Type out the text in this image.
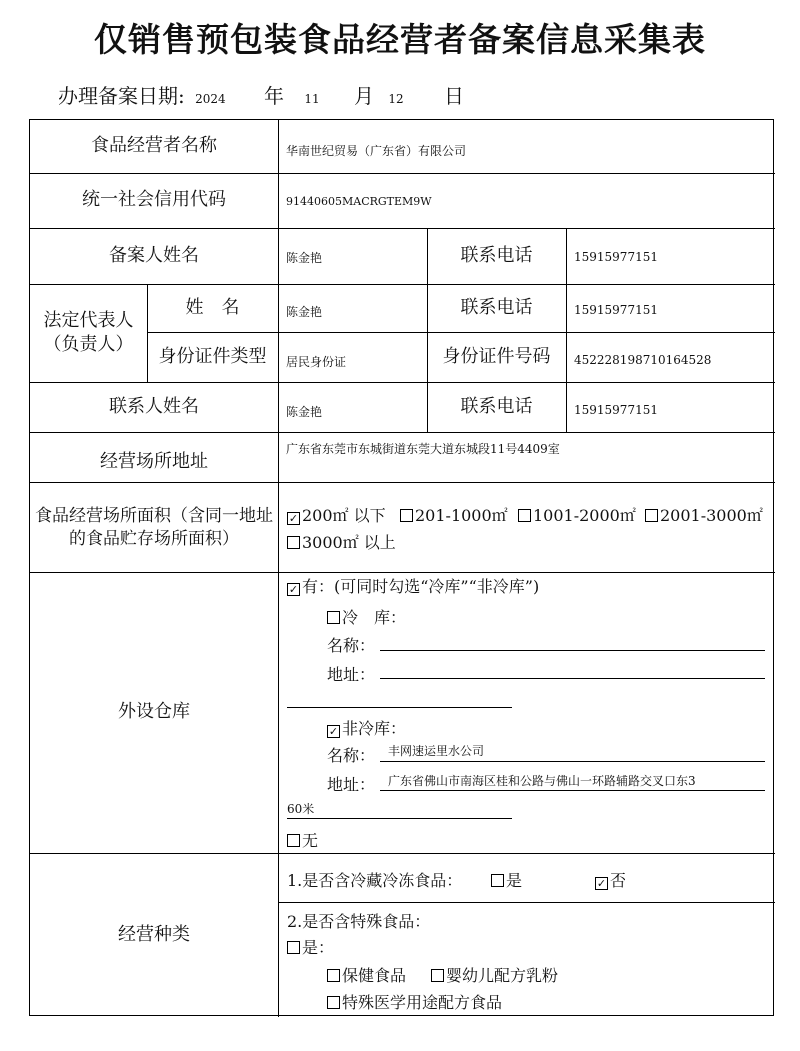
仅销售预包装食品经营者备案信息采集表
办理备案日期: 2024 年 11 月 12 日
食品经营者名称	华南世纪贸易（广东省）有限公司
统一社会信用代码	91440605MACRGTEM9W
备案人姓名	陈金艳	联系电话	15915977151
法定代表人（负责人）
姓　名	陈金艳	联系电话	15915977151
身份证件类型	居民身份证	身份证件号码	452228198710164528
联系人姓名	陈金艳	联系电话	15915977151
经营场所地址
广东省东莞市东城街道东莞大道东城段11号4409室
食品经营场所面积（含同一地址的食品贮存场所面积）
✓ 200㎡ 以下	201-1000㎡	1001-2000㎡	2001-3000㎡
3000㎡ 以上
外设仓库
✓ 有：(可同时勾选“冷库”“非冷库”)
冷　库：
名称：
地址：
✓ 非冷库：
名称： 丰网速运里水公司
地址： 广东省佛山市南海区桂和公路与佛山一环路辅路交叉口东3
60米
无
经营种类
1.是否含冷藏冷冻食品：	是	✓ 否
2.是否含特殊食品：
是：
保健食品	婴幼儿配方乳粉
特殊医学用途配方食品
